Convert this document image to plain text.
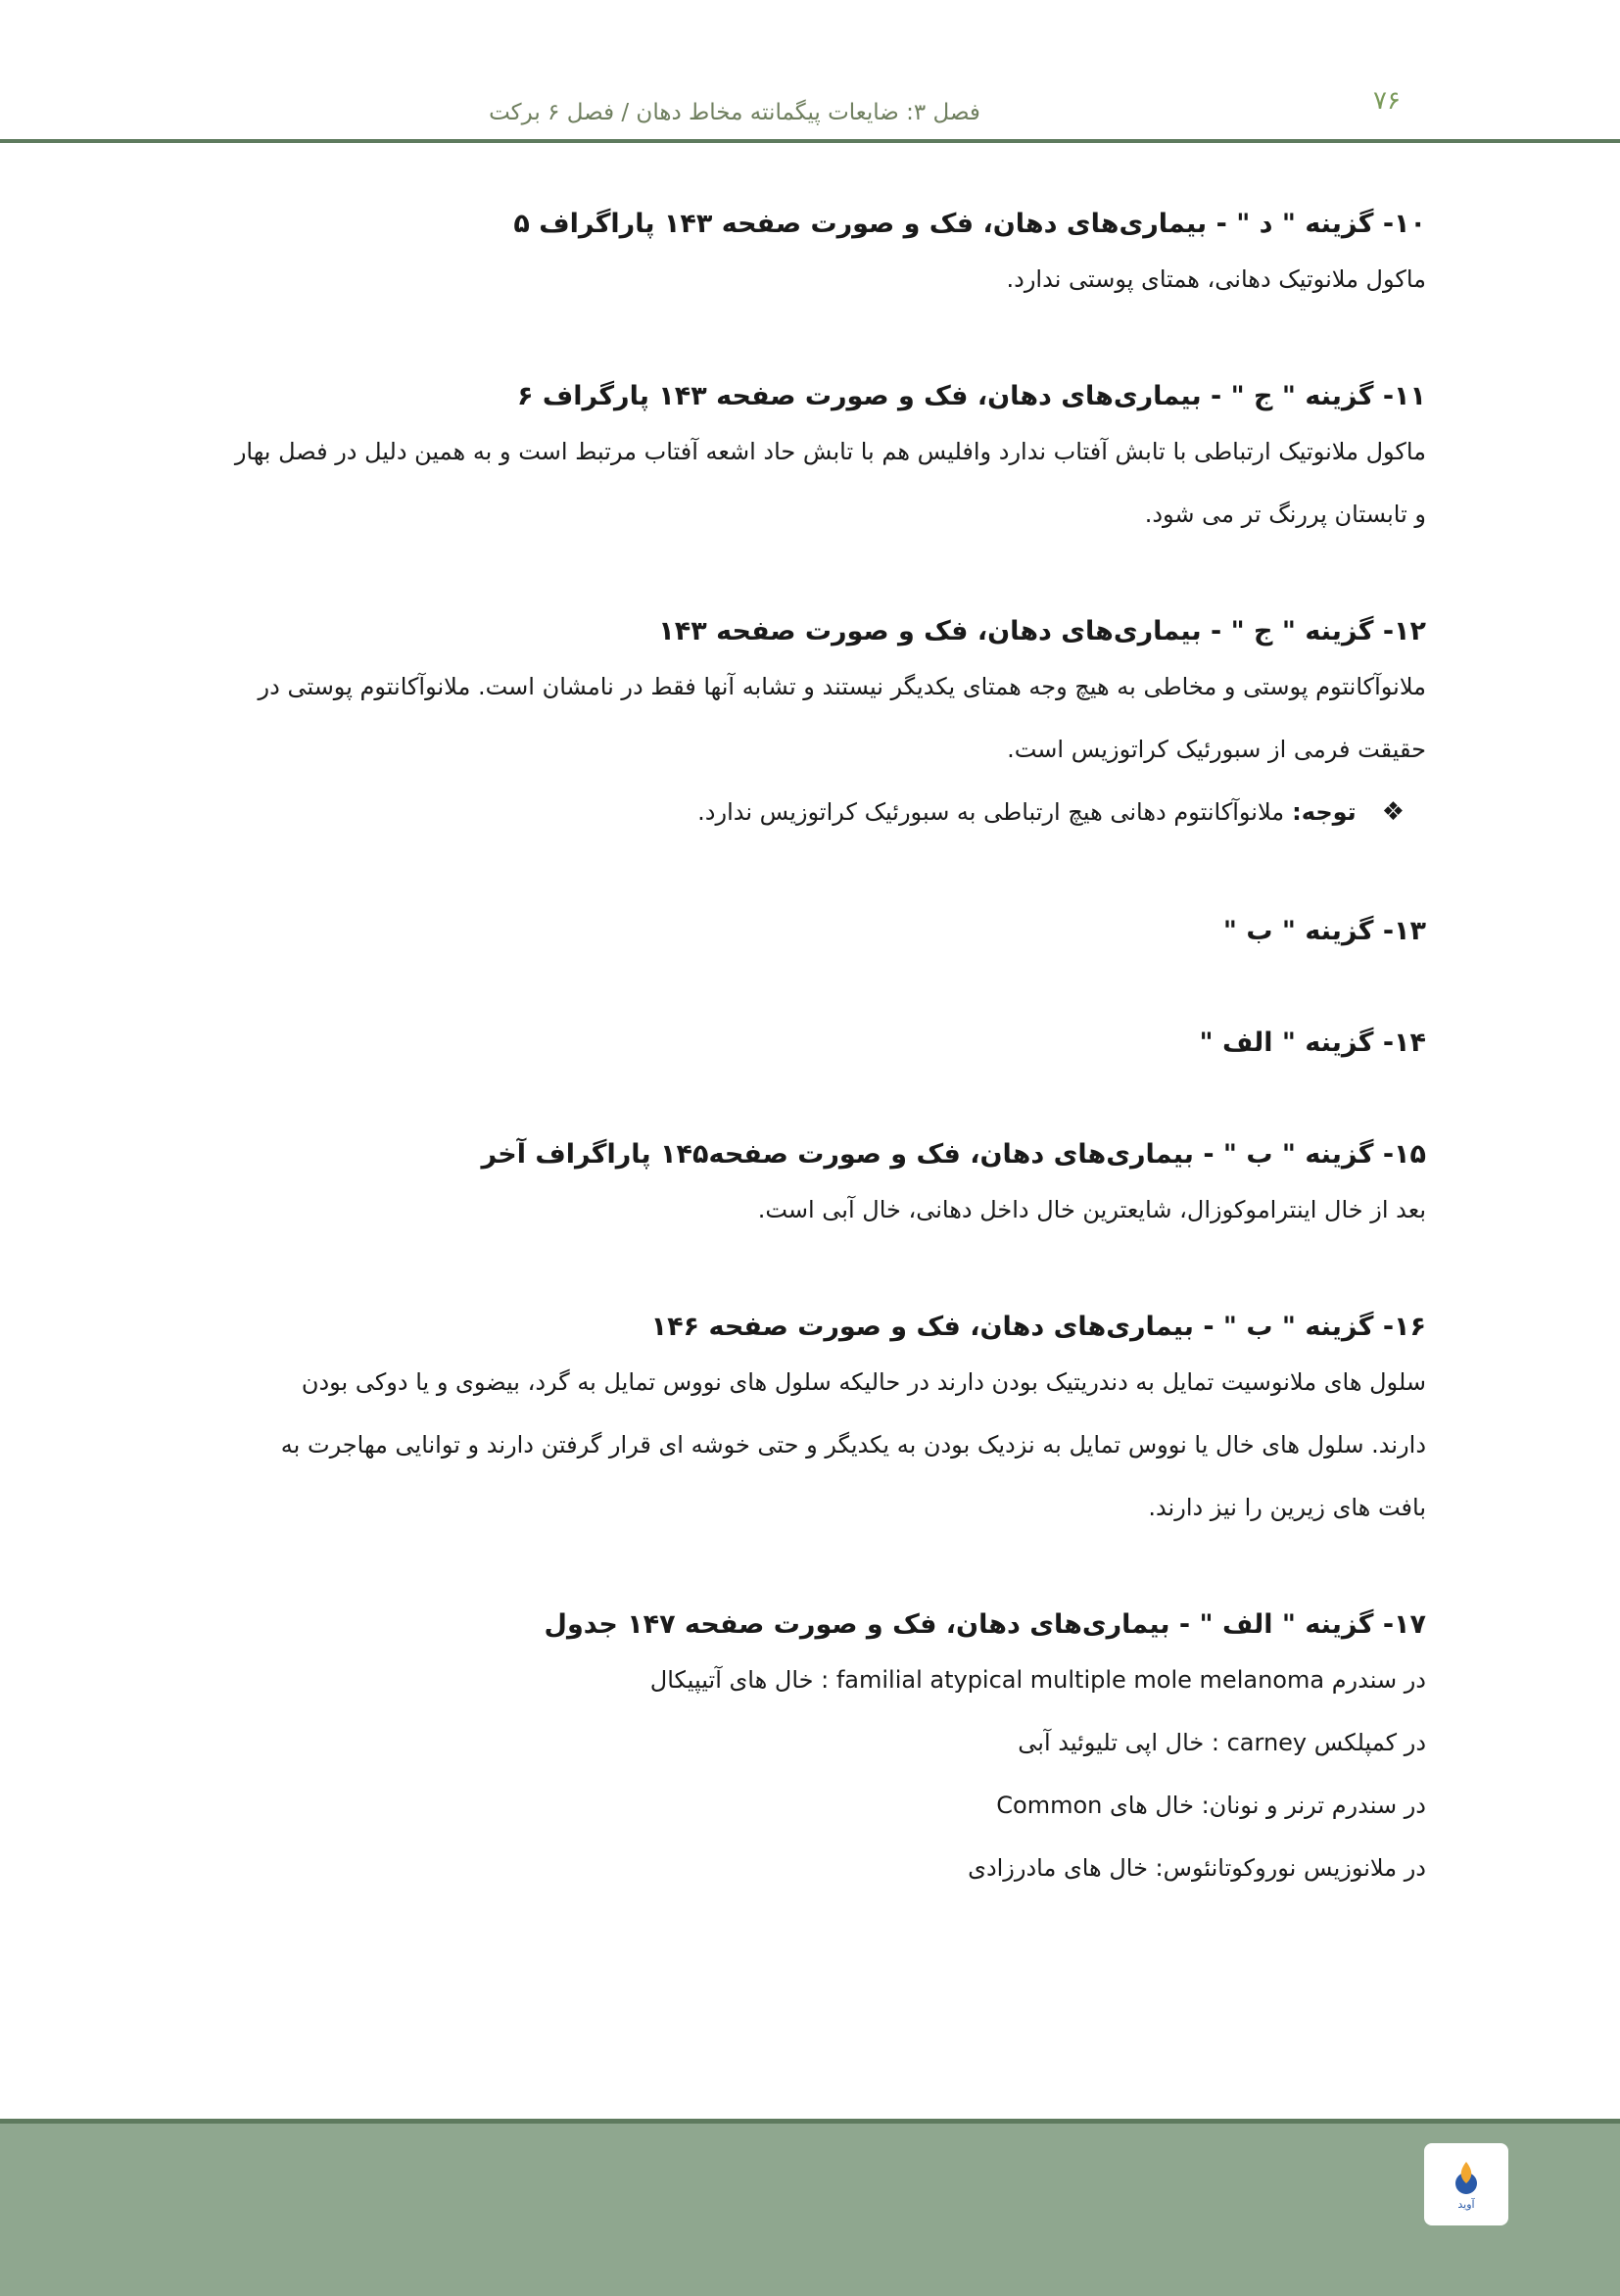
۷۶
فصل ۳: ضایعات پیگمانته مخاط دهان / فصل ۶ برکت

۱۰- گزینه " د " - بیماری‌های دهان، فک و صورت صفحه ۱۴۳ پاراگراف ۵

ماکول ملانوتیک دهانی، همتای پوستی ندارد.

۱۱- گزینه " ج " - بیماری‌های دهان، فک و صورت صفحه ۱۴۳ پارگراف ۶

ماکول ملانوتیک ارتباطی با تابش آفتاب ندارد وافلیس هم با تابش حاد اشعه آفتاب مرتبط است و به همین دلیل در فصل بهار

و تابستان پررنگ تر می شود.

۱۲- گزینه " ج " - بیماری‌های دهان، فک و صورت صفحه ۱۴۳

ملانوآکانتوم پوستی و مخاطی به هیچ وجه همتای یکدیگر نیستند و تشابه آنها فقط در نامشان است. ملانوآکانتوم پوستی در

حقیقت فرمی از سبورئیک کراتوزیس است.

❖
توجه:
ملانوآکانتوم دهانی هیچ ارتباطی به سبورئیک کراتوزیس ندارد.

۱۳- گزینه " ب "

۱۴- گزینه " الف "

۱۵- گزینه " ب " - بیماری‌های دهان، فک و صورت صفحه۱۴۵ پاراگراف آخر

بعد از خال اینترامو‌کوزال، شایعترین خال داخل دهانی، خال آبی است.

۱۶- گزینه " ب " - بیماری‌های دهان، فک و صورت صفحه ۱۴۶

سلول های ملانوسیت تمایل به دندریتیک بودن دارند در حالیکه سلول های نووس تمایل به گرد، بیضوی و یا دوکی بودن

دارند. سلول های خال یا نووس تمایل به نزدیک بودن به یکدیگر و حتی خوشه ای قرار گرفتن دارند و توانایی مهاجرت به

بافت های زیرین را نیز دارند.

۱۷- گزینه " الف " - بیماری‌های دهان، فک و صورت صفحه ۱۴۷ جدول

در سندرم familial atypical multiple mole melanoma : خال های آتیپیکال

در کمپلکس carney : خال اپی تلیوئید آبی

در سندرم ترنر و نونان: خال های Common

در ملانوزیس نوروکوتانئوس: خال های مادرزادی

آوید
